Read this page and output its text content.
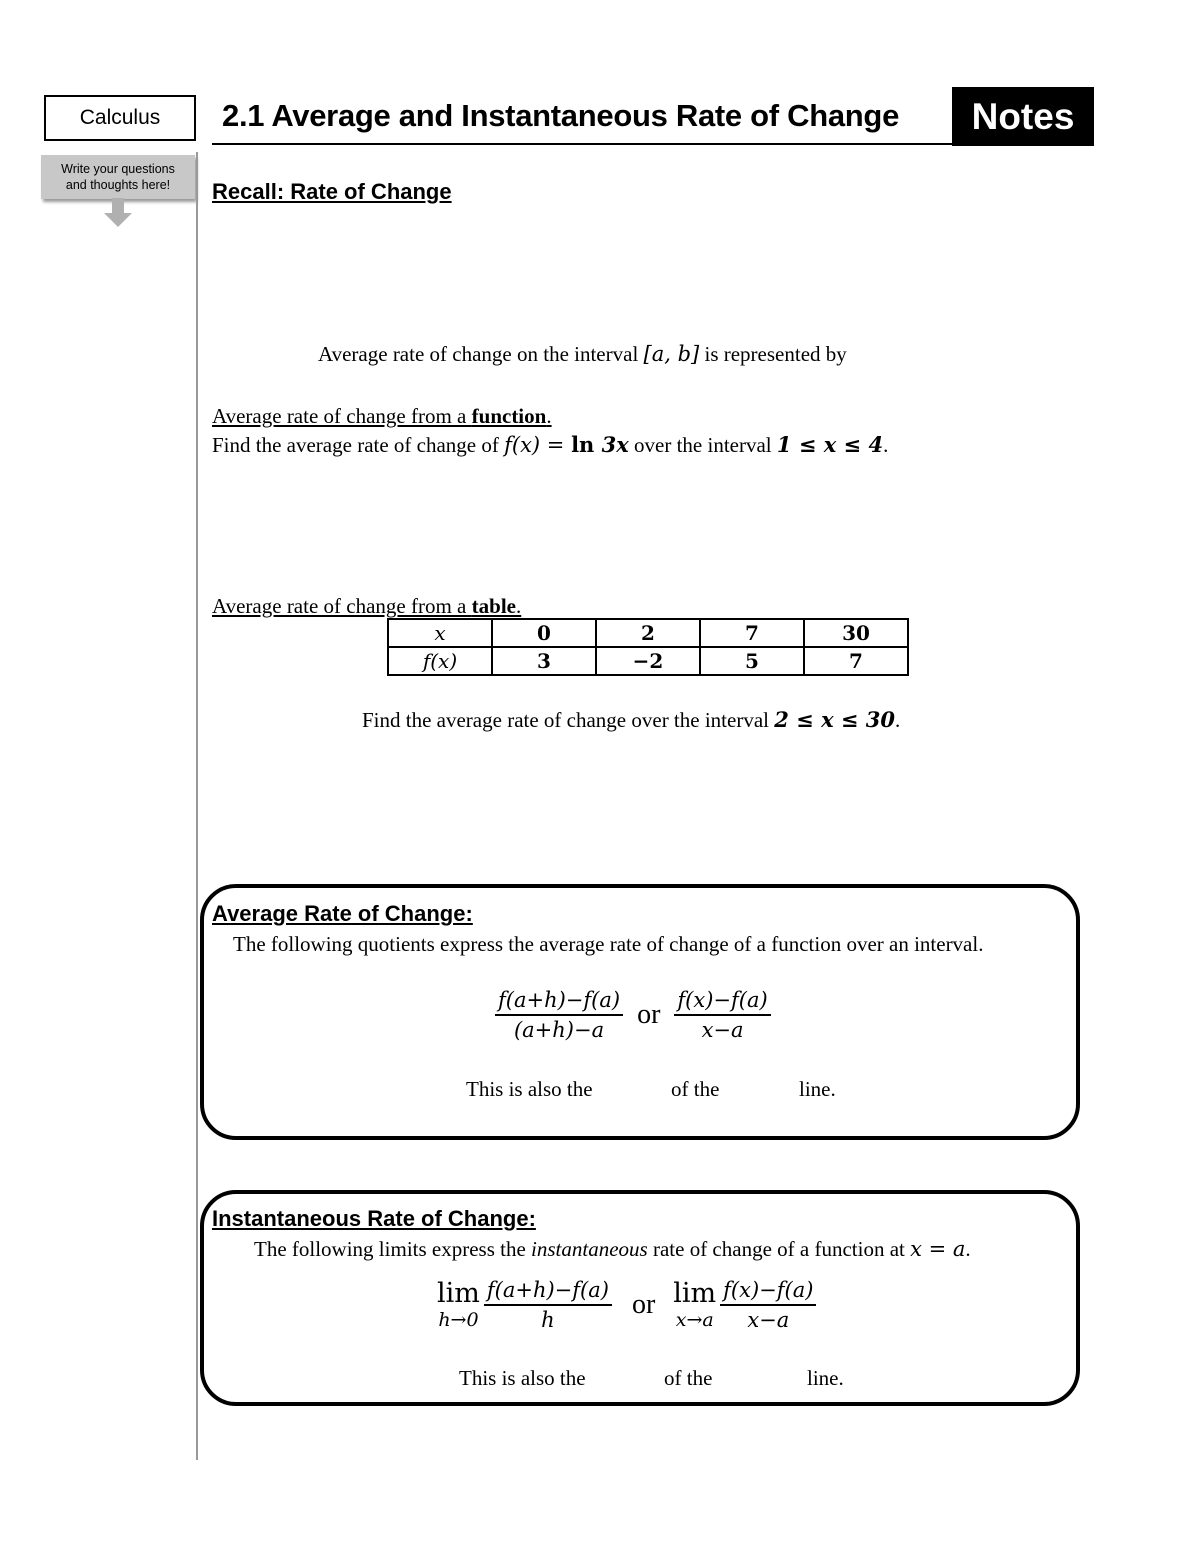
Calculus	2.1 Average and Instantaneous Rate of Change	Notes
Write your questions
and thoughts here!	Recall: Rate of Change
Average rate of change on the interval [a, b] is represented by
Average rate of change from a function.
Find the average rate of change of f(x) = ln 3x over the interval 1 ≤ x ≤ 4.
Average rate of change from a table.
x	0	2	7	30
f(x)	3	−2	5	7
Find the average rate of change over the interval 2 ≤ x ≤ 30.
Average Rate of Change:
The following quotients express the average rate of change of a function over an interval.
$\frac{f(a+h)-f(a)}{(a+h)-a}$ or $\frac{f(x)-f(a)}{x-a}$
This is also the	of the	line.
Instantaneous Rate of Change:
The following limits express the instantaneous rate of change of a function at x = a.
lim
$h\to 0 \frac{f(a+h)-f(a)}{h}$ or lim
$x\to a \frac{f(x)-f(a)}{x-a}$
This is also the	of the	line.
